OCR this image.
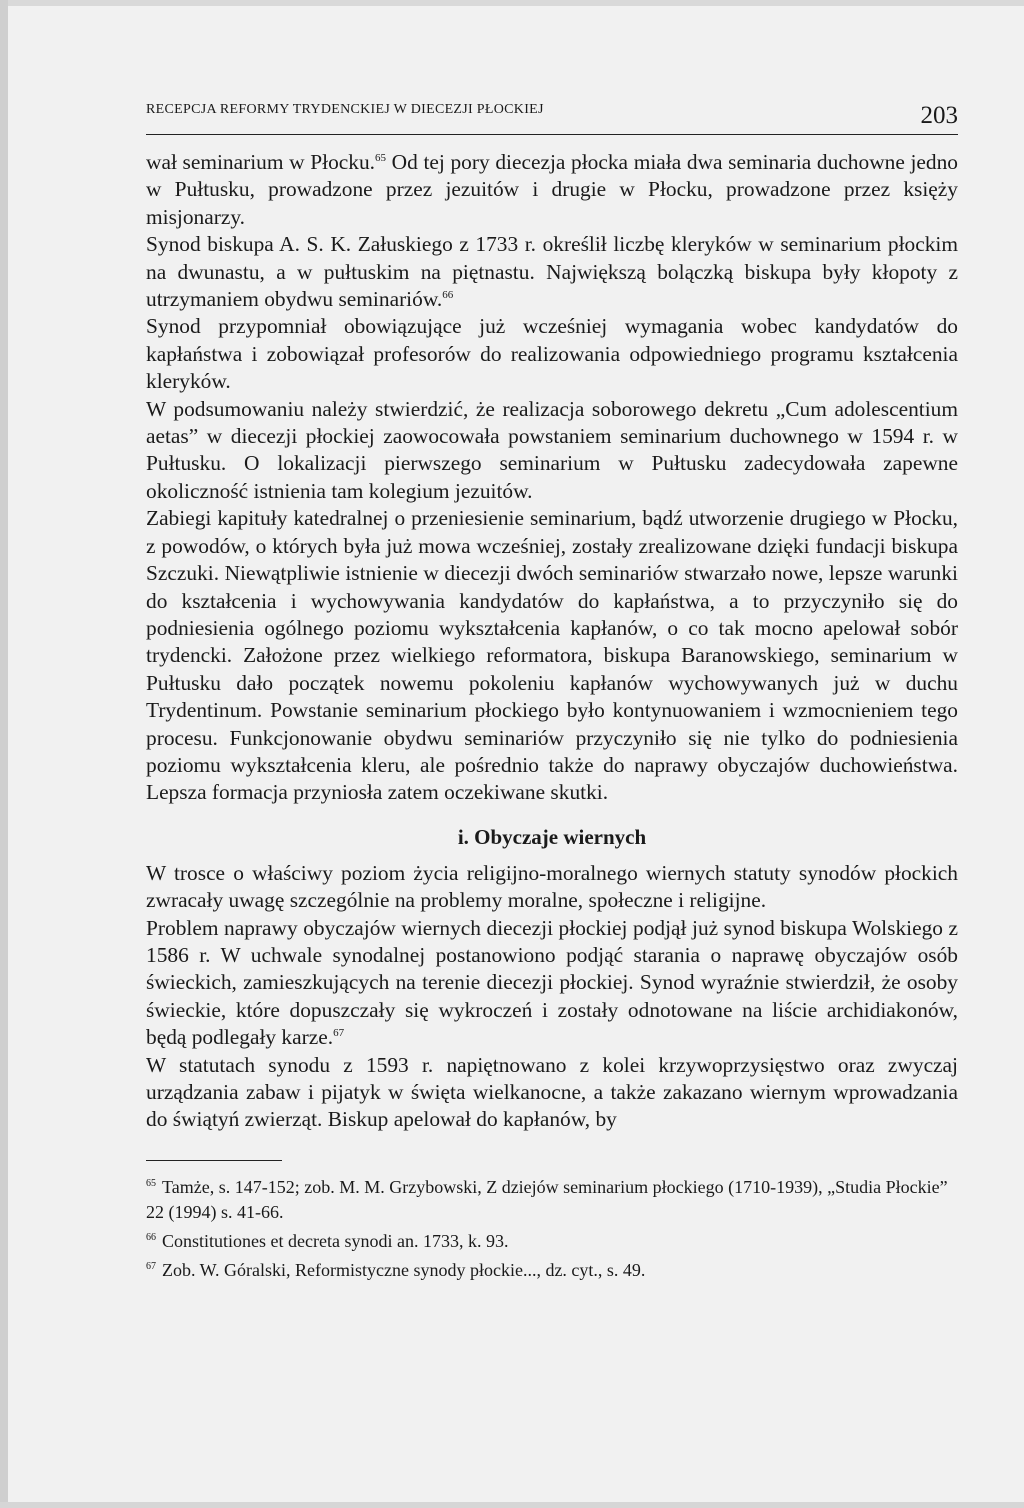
RECEPCJA REFORMY TRYDENCKIEJ W DIECEZJI PŁOCKIEJ	203

wał seminarium w Płocku.$^{65}$ Od tej pory diecezja płocka miała dwa seminaria duchowne jedno w Pułtusku, prowadzone przez jezuitów i drugie w Płocku, prowadzone przez księży misjonarzy.

Synod biskupa A. S. K. Załuskiego z 1733 r. określił liczbę kleryków w seminarium płockim na dwunastu, a w pułtuskim na piętnastu. Największą bolączką biskupa były kłopoty z utrzymaniem obydwu seminariów.$^{66}$

Synod przypomniał obowiązujące już wcześniej wymagania wobec kandydatów do kapłaństwa i zobowiązał profesorów do realizowania odpowiedniego programu kształcenia kleryków.

W podsumowaniu należy stwierdzić, że realizacja soborowego dekretu „Cum adolescentium aetas” w diecezji płockiej zaowocowała powstaniem seminarium duchownego w 1594 r. w Pułtusku. O lokalizacji pierwszego seminarium w Pułtusku zadecydowała zapewne okoliczność istnienia tam kolegium jezuitów.

Zabiegi kapituły katedralnej o przeniesienie seminarium, bądź utworzenie drugiego w Płocku, z powodów, o których była już mowa wcześniej, zostały zrealizowane dzięki fundacji biskupa Szczuki. Niewątpliwie istnienie w diecezji dwóch seminariów stwarzało nowe, lepsze warunki do kształcenia i wychowywania kandydatów do kapłaństwa, a to przyczyniło się do podniesienia ogólnego poziomu wykształcenia kapłanów, o co tak mocno apelował sobór trydencki. Założone przez wielkiego reformatora, biskupa Baranowskiego, seminarium w Pułtusku dało początek nowemu pokoleniu kapłanów wychowywanych już w duchu Trydentinum. Powstanie seminarium płockiego było kontynuowaniem i wzmocnieniem tego procesu. Funkcjonowanie obydwu seminariów przyczyniło się nie tylko do podniesienia poziomu wykształcenia kleru, ale pośrednio także do naprawy obyczajów duchowieństwa. Lepsza formacja przyniosła zatem oczekiwane skutki.

i. Obyczaje wiernych

W trosce o właściwy poziom życia religijno-moralnego wiernych statuty synodów płockich zwracały uwagę szczególnie na problemy moralne, społeczne i religijne.

Problem naprawy obyczajów wiernych diecezji płockiej podjął już synod biskupa Wolskiego z 1586 r. W uchwale synodalnej postanowiono podjąć starania o naprawę obyczajów osób świeckich, zamieszkujących na terenie diecezji płockiej. Synod wyraźnie stwierdził, że osoby świeckie, które dopuszczały się wykroczeń i zostały odnotowane na liście archidiakonów, będą podlegały karze.$^{67}$

W statutach synodu z 1593 r. napiętnowano z kolei krzywoprzysięstwo oraz zwyczaj urządzania zabaw i pijatyk w święta wielkanocne, a także zakazano wiernym wprowadzania do świątyń zwierząt. Biskup apelował do kapłanów, by

$^{65}$ Tamże, s. 147-152; zob. M. M. Grzybowski, Z dziejów seminarium płockiego (1710-1939), „Studia Płockie” 22 (1994) s. 41-66.

$^{66}$ Constitutiones et decreta synodi an. 1733, k. 93.

$^{67}$ Zob. W. Góralski, Reformistyczne synody płockie..., dz. cyt., s. 49.
